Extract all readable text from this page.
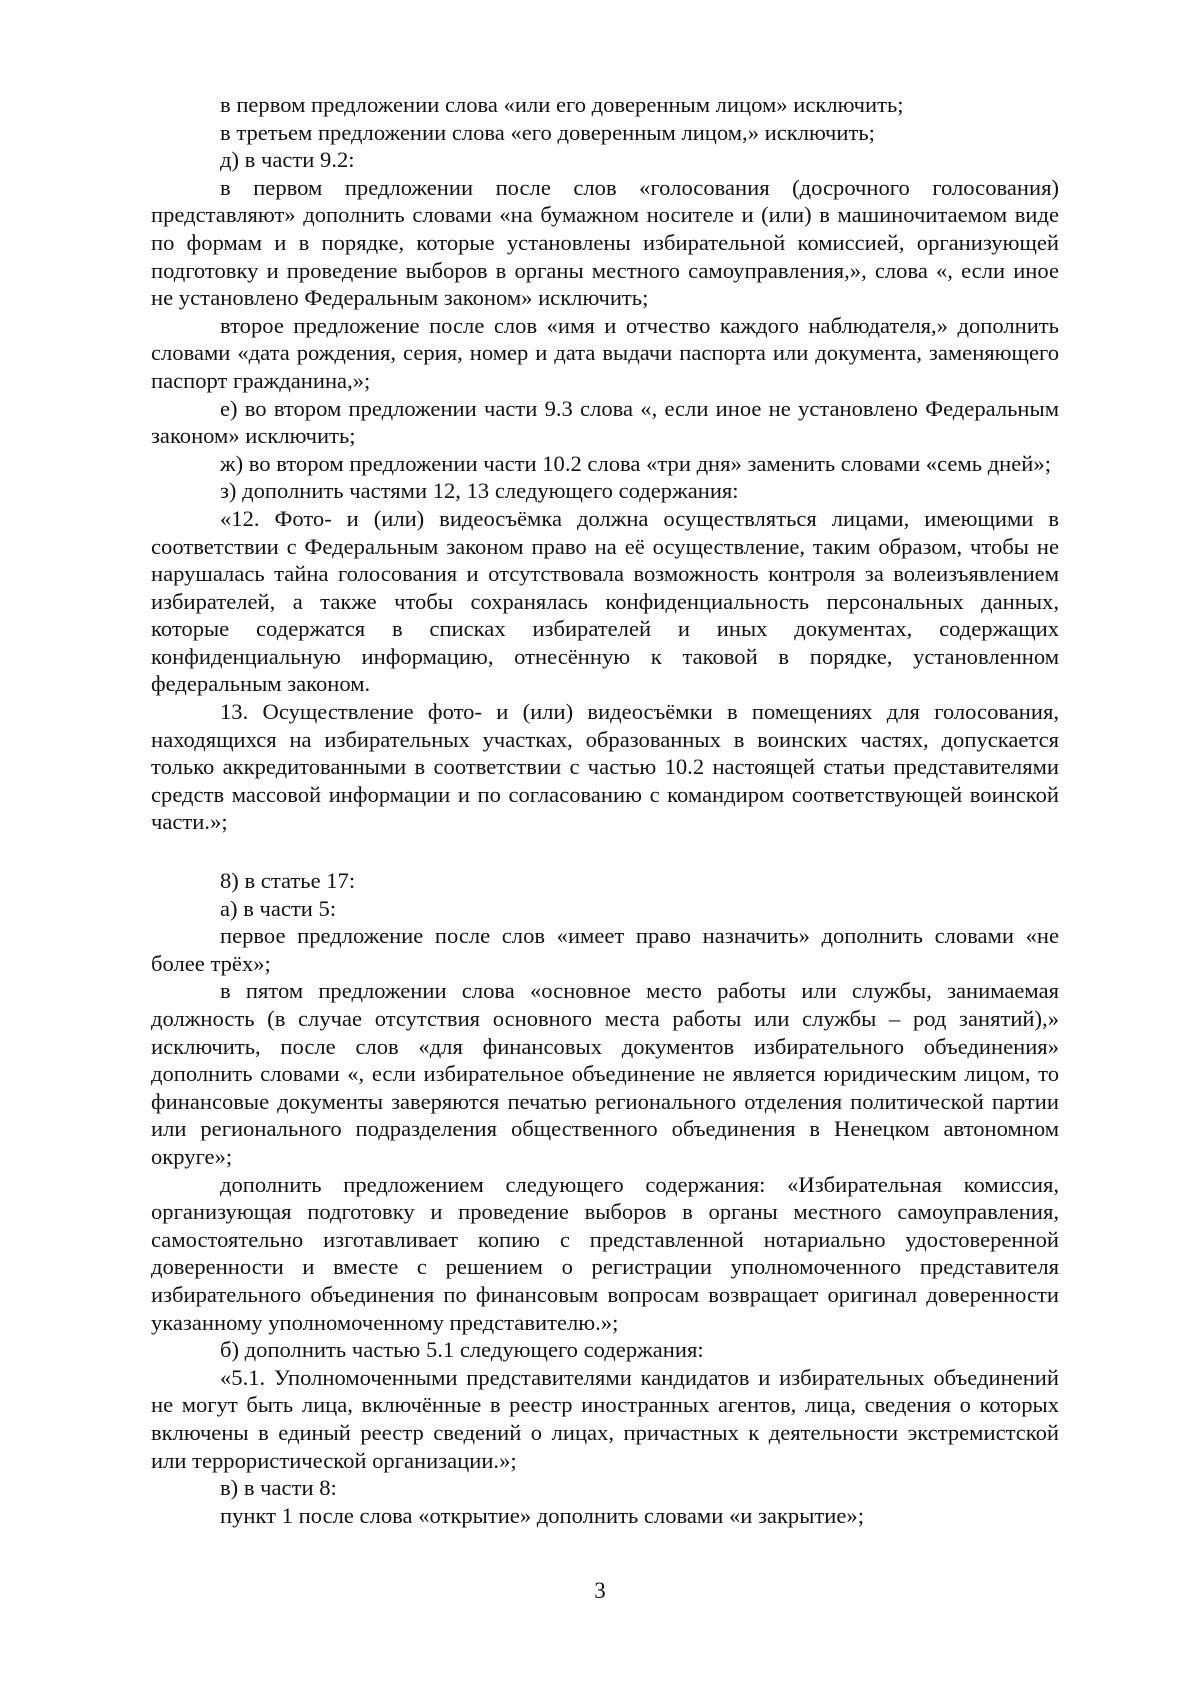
в первом предложении слова «или его доверенным лицом» исключить;

в третьем предложении слова «его доверенным лицом,» исключить;

д) в части 9.2:

в первом предложении после слов «голосования (досрочного голосования) представляют» дополнить словами «на бумажном носителе и (или) в машиночитаемом виде по формам и в порядке, которые установлены избирательной комиссией, организующей подготовку и проведение выборов в органы местного самоуправления,», слова «, если иное не установлено Федеральным законом» исключить;

второе предложение после слов «имя и отчество каждого наблюдателя,» дополнить словами «дата рождения, серия, номер и дата выдачи паспорта или документа, заменяющего паспорт гражданина,»;

е) во втором предложении части 9.3 слова «, если иное не установлено Федеральным законом» исключить;

ж) во втором предложении части 10.2 слова «три дня» заменить словами «семь дней»;

з) дополнить частями 12, 13 следующего содержания:

«12. Фото- и (или) видеосъёмка должна осуществляться лицами, имеющими в соответствии с Федеральным законом право на её осуществление, таким образом, чтобы не нарушалась тайна голосования и отсутствовала возможность контроля за волеизъявлением избирателей, а также чтобы сохранялась конфиденциальность персональных данных, которые содержатся в списках избирателей и иных документах, содержащих конфиденциальную информацию, отнесённую к таковой в порядке, установленном федеральным законом.

13. Осуществление фото- и (или) видеосъёмки в помещениях для голосования, находящихся на избирательных участках, образованных в воинских частях, допускается только аккредитованными в соответствии с частью 10.2 настоящей статьи представителями средств массовой информации и по согласованию с командиром соответствующей воинской части.»;

8) в статье 17:

а) в части 5:

первое предложение после слов «имеет право назначить» дополнить словами «не более трёх»;

в пятом предложении слова «основное место работы или службы, занимаемая должность (в случае отсутствия основного места работы или службы – род занятий),» исключить, после слов «для финансовых документов избирательного объединения» дополнить словами «, если избирательное объединение не является юридическим лицом, то финансовые документы заверяются печатью регионального отделения политической партии или регионального подразделения общественного объединения в Ненецком автономном округе»;

дополнить предложением следующего содержания: «Избирательная комиссия, организующая подготовку и проведение выборов в органы местного самоуправления, самостоятельно изготавливает копию с представленной нотариально удостоверенной доверенности и вместе с решением о регистрации уполномоченного представителя избирательного объединения по финансовым вопросам возвращает оригинал доверенности указанному уполномоченному представителю.»;

б) дополнить частью 5.1 следующего содержания:

«5.1. Уполномоченными представителями кандидатов и избирательных объединений не могут быть лица, включённые в реестр иностранных агентов, лица, сведения о которых включены в единый реестр сведений о лицах, причастных к деятельности экстремистской или террористической организации.»;

в) в части 8:

пункт 1 после слова «открытие» дополнить словами «и закрытие»;

3
